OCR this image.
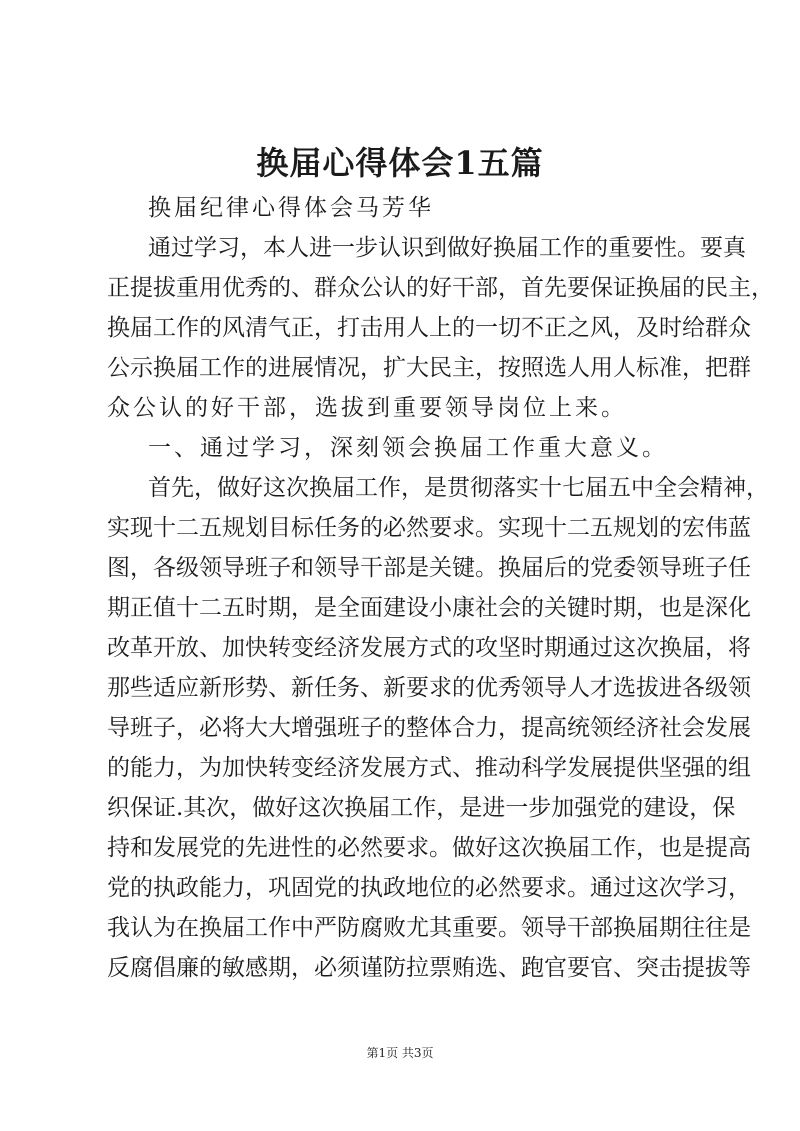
换届心得体会1五篇
换届纪律心得体会马芳华
通过学习，本人进一步认识到做好换届工作的重要性。要真
正提拔重用优秀的、群众公认的好干部，首先要保证换届的民主，
换届工作的风清气正，打击用人上的一切不正之风，及时给群众
公示换届工作的进展情况，扩大民主，按照选人用人标准，把群
众公认的好干部，选拔到重要领导岗位上来。
一、通过学习，深刻领会换届工作重大意义。
首先，做好这次换届工作，是贯彻落实十七届五中全会精神，
实现十二五规划目标任务的必然要求。实现十二五规划的宏伟蓝
图，各级领导班子和领导干部是关键。换届后的党委领导班子任
期正值十二五时期，是全面建设小康社会的关键时期，也是深化
改革开放、加快转变经济发展方式的攻坚时期通过这次换届，将
那些适应新形势、新任务、新要求的优秀领导人才选拔进各级领
导班子，必将大大增强班子的整体合力，提高统领经济社会发展
的能力，为加快转变经济发展方式、推动科学发展提供坚强的组
织保证.其次，做好这次换届工作，是进一步加强党的建设，保
持和发展党的先进性的必然要求。做好这次换届工作，也是提高
党的执政能力，巩固党的执政地位的必然要求。通过这次学习，
我认为在换届工作中严防腐败尤其重要。领导干部换届期往往是
反腐倡廉的敏感期，必须谨防拉票贿选、跑官要官、突击提拔等
第1页 共3页
